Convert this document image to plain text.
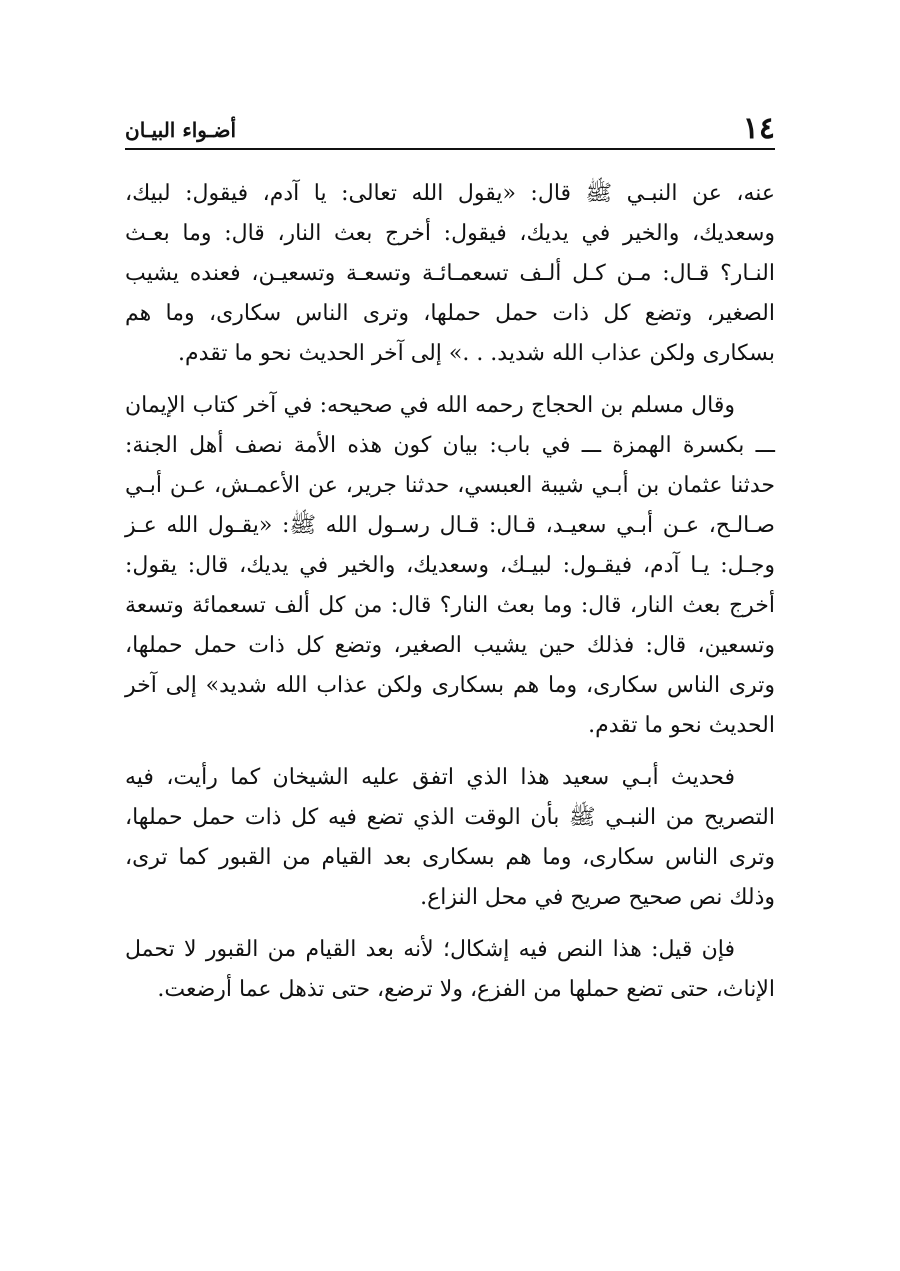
١٤
أضـواء البيـان

عنه، عن النبـي ﷺ قال: «يقول الله تعالى: يا آدم، فيقول: لبيك، وسعديك، والخير في يديك، فيقول: أخرج بعث النار، قال: وما بعـث النـار؟ قـال: مـن كـل ألـف تسعمـائـة وتسعـة وتسعيـن، فعنده يشيب الصغير، وتضع كل ذات حمل حملها، وترى الناس سكارى، وما هم بسكارى ولكن عذاب الله شديد. . .» إلى آخر الحديث نحو ما تقدم.

وقال مسلم بن الحجاج رحمه الله في صحيحه: في آخر كتاب الإيمان ـــ بكسرة الهمزة ـــ في باب: بيان كون هذه الأمة نصف أهل الجنة: حدثنا عثمان بن أبـي شيبة العبسي، حدثنا جرير، عن الأعمـش، عـن أبـي صـالـح، عـن أبـي سعيـد، قـال: قـال رسـول الله ﷺ: «يقـول الله عـز وجـل: يـا آدم، فيقـول: لبيـك، وسعديك، والخير في يديك، قال: يقول: أخرج بعث النار، قال: وما بعث النار؟ قال: من كل ألف تسعمائة وتسعة وتسعين، قال: فذلك حين يشيب الصغير، وتضع كل ذات حمل حملها، وترى الناس سكارى، وما هم بسكارى ولكن عذاب الله شديد» إلى آخر الحديث نحو ما تقدم.

فحديث أبـي سعيد هذا الذي اتفق عليه الشيخان كما رأيت، فيه التصريح من النبـي ﷺ بأن الوقت الذي تضع فيه كل ذات حمل حملها، وترى الناس سكارى، وما هم بسكارى بعد القيام من القبور كما ترى، وذلك نص صحيح صريح في محل النزاع.

فإن قيل: هذا النص فيه إشكال؛ لأنه بعد القيام من القبور لا تحمل الإناث، حتى تضع حملها من الفزع، ولا ترضع، حتى تذهل عما أرضعت.
